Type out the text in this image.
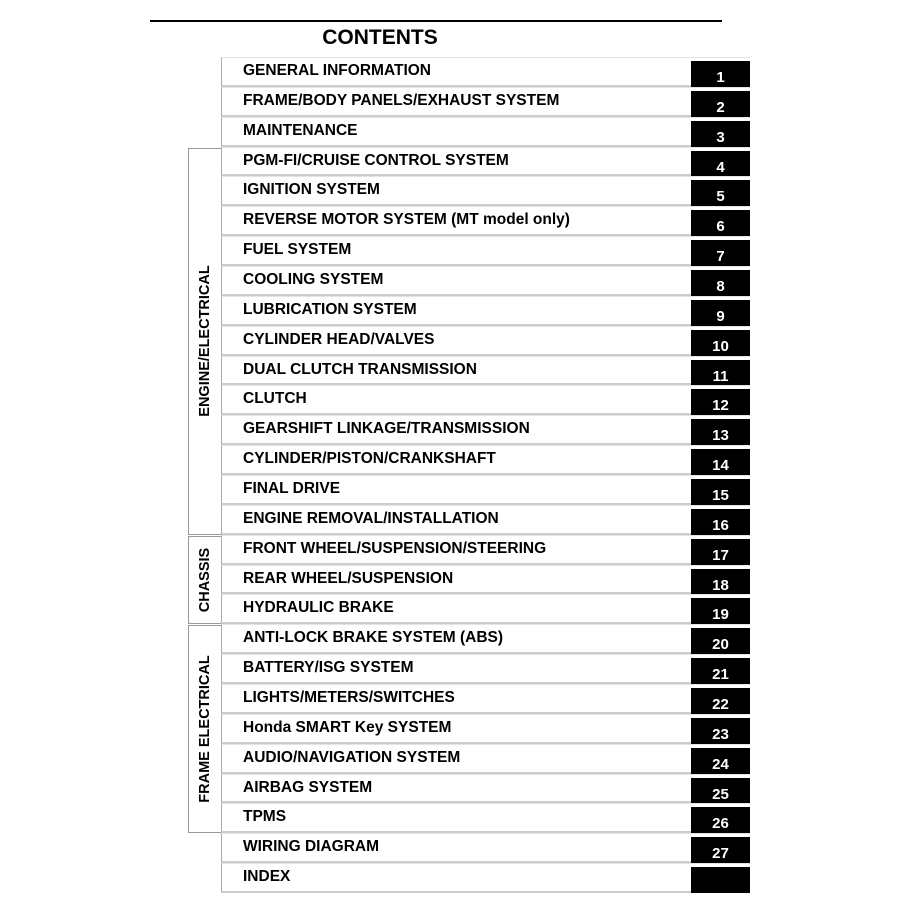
CONTENTS
GENERAL INFORMATION	1
FRAME/BODY PANELS/EXHAUST SYSTEM	2
MAINTENANCE	3
PGM-FI/CRUISE CONTROL SYSTEM	4
IGNITION SYSTEM	5
REVERSE MOTOR SYSTEM (MT model only)	6
FUEL SYSTEM	7
COOLING SYSTEM	8
LUBRICATION SYSTEM	9
CYLINDER HEAD/VALVES	10
DUAL CLUTCH TRANSMISSION	11
CLUTCH	12
GEARSHIFT LINKAGE/TRANSMISSION	13
CYLINDER/PISTON/CRANKSHAFT	14
FINAL DRIVE	15
ENGINE REMOVAL/INSTALLATION	16
FRONT WHEEL/SUSPENSION/STEERING	17
REAR WHEEL/SUSPENSION	18
HYDRAULIC BRAKE	19
ANTI-LOCK BRAKE SYSTEM (ABS)	20
BATTERY/ISG SYSTEM	21
LIGHTS/METERS/SWITCHES	22
Honda SMART Key SYSTEM	23
AUDIO/NAVIGATION SYSTEM	24
AIRBAG SYSTEM	25
TPMS	26
WIRING DIAGRAM	27
INDEX
ENGINE/ELECTRICAL
CHASSIS
FRAME ELECTRICAL
